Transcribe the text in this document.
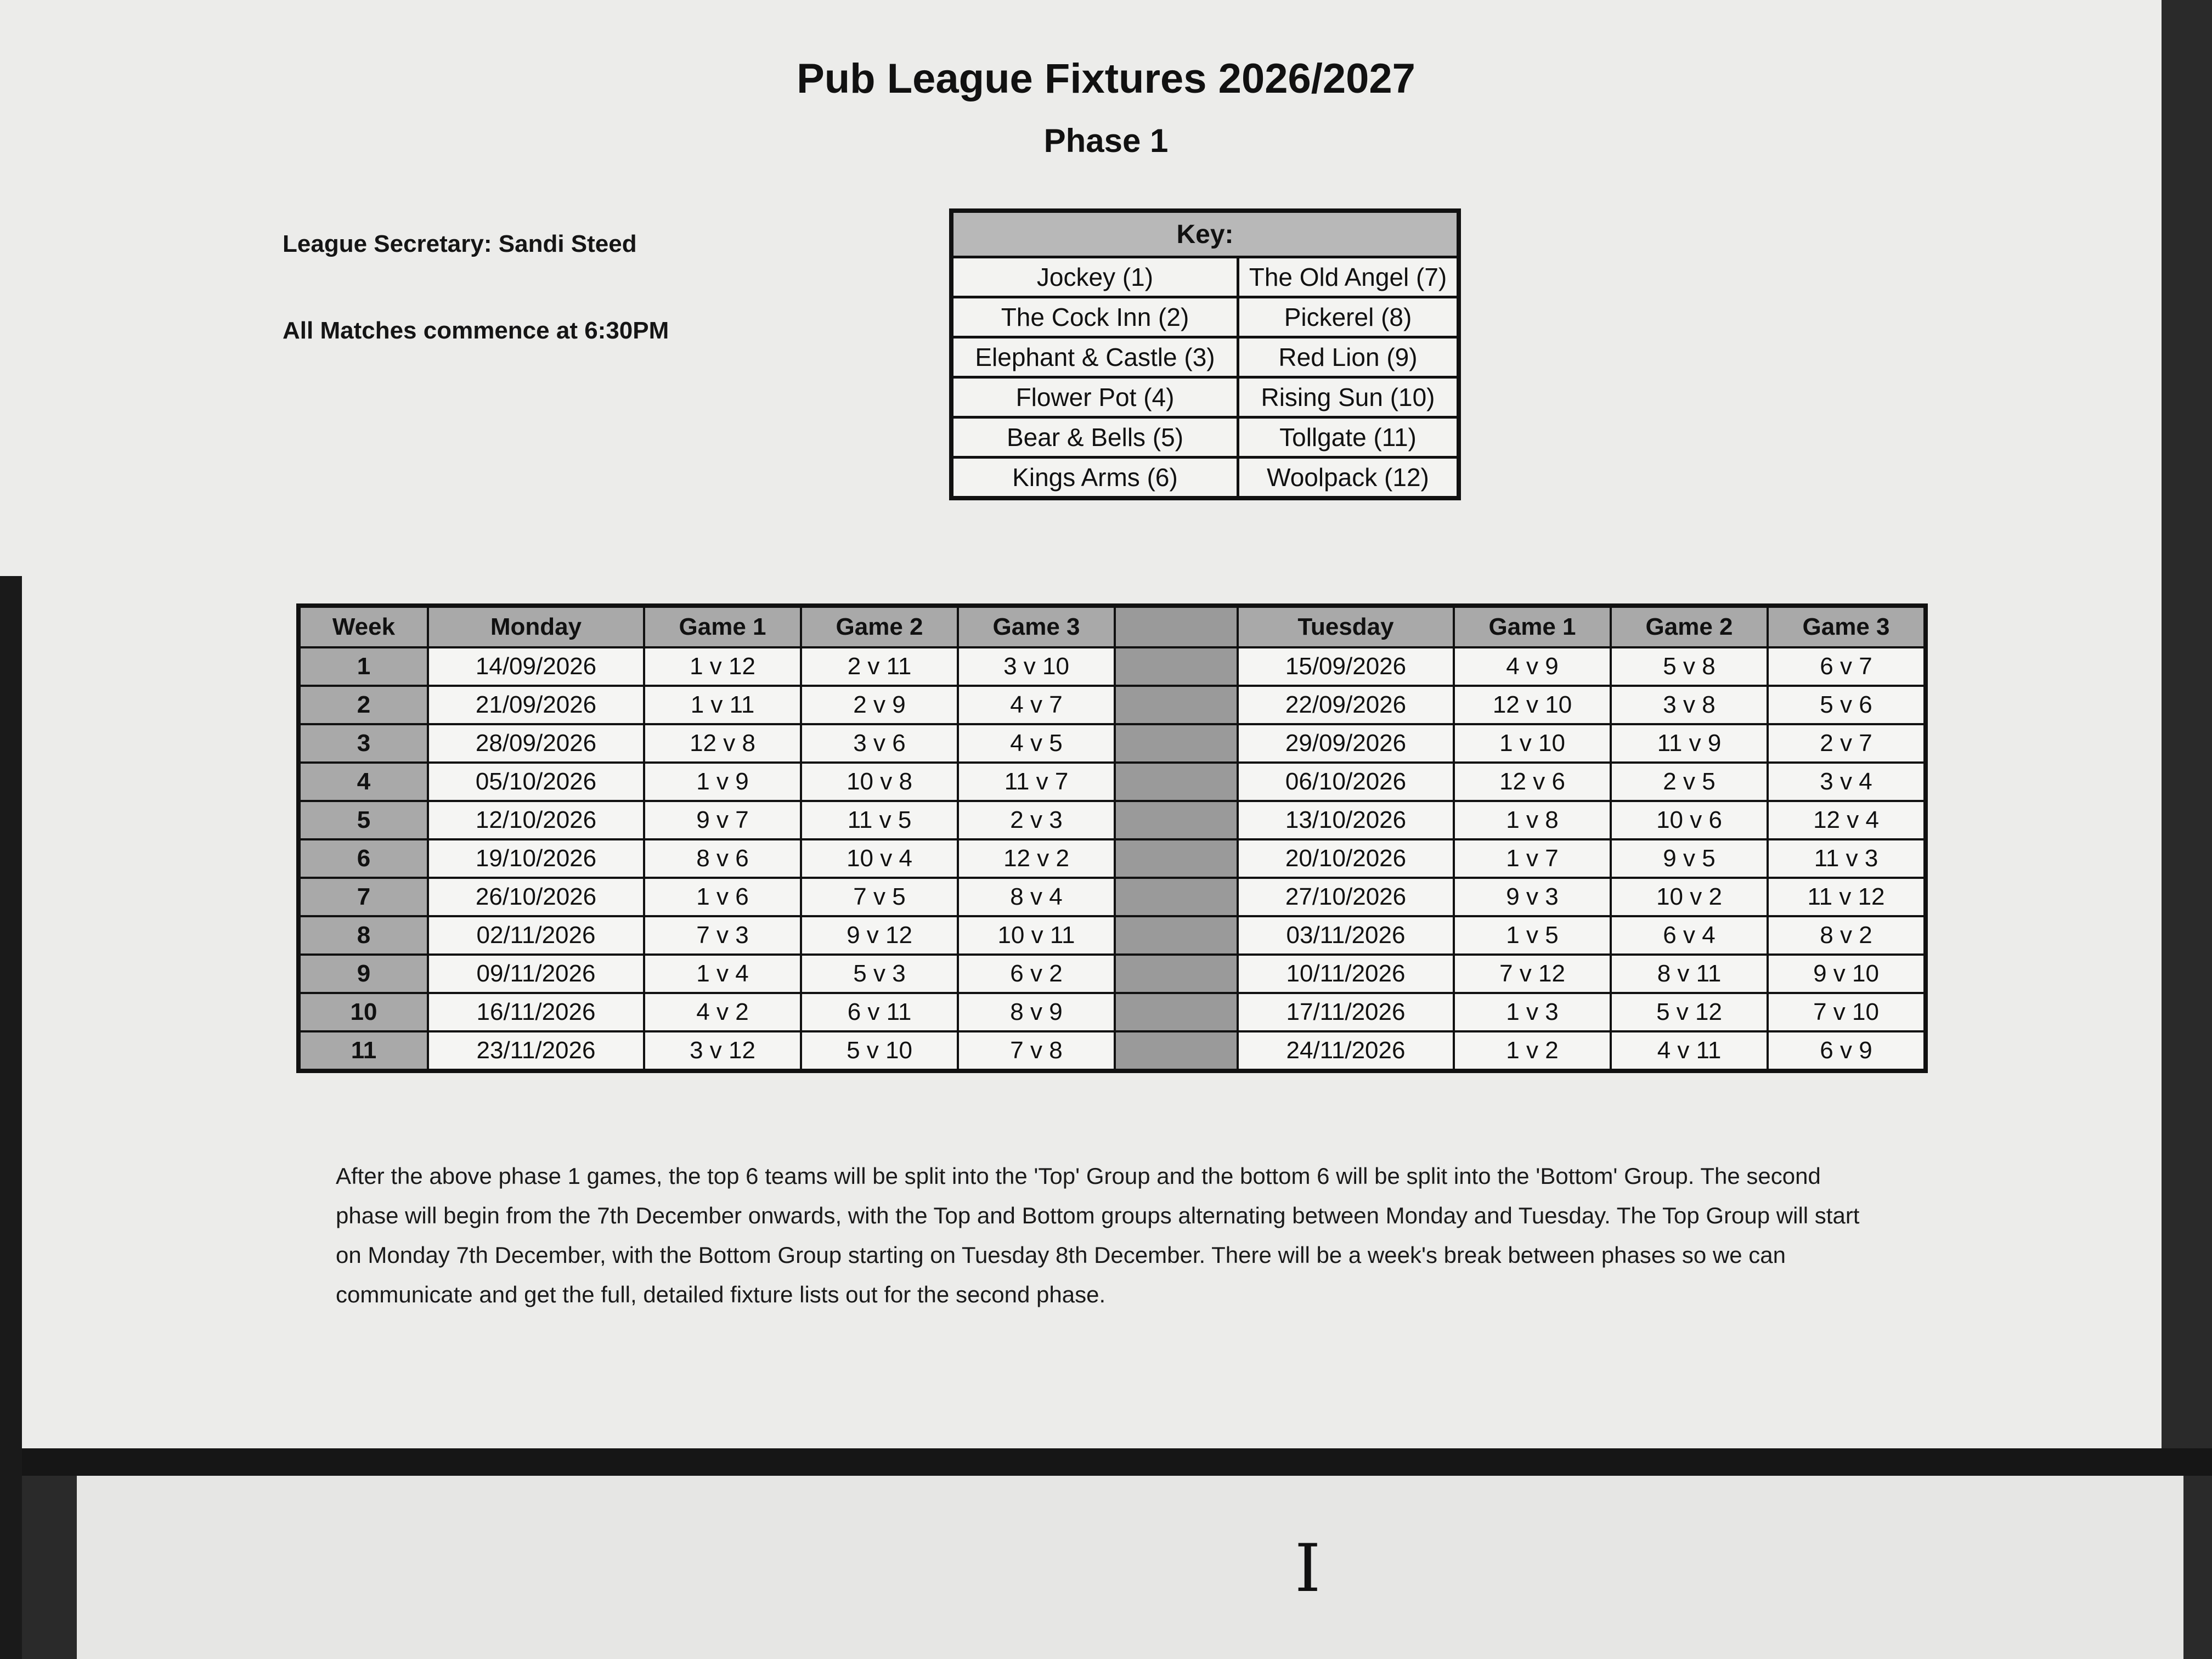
Pub League Fixtures 2026/2027
Phase 1

League Secretary: Sandi Steed

All Matches commence at 6:30PM

Key:	
Jockey (1)	The Old Angel (7)
The Cock Inn (2)	Pickerel (8)
Elephant & Castle (3)	Red Lion (9)
Flower Pot (4)	Rising Sun (10)
Bear & Bells (5)	Tollgate (11)
Kings Arms (6)	Woolpack (12)
Week	Monday	Game 1	Game 2	Game 3		Tuesday	Game 1	Game 2	Game 3
1	14/09/2026	1 v 12	2 v 11	3 v 10		15/09/2026	4 v 9	5 v 8	6 v 7
2	21/09/2026	1 v 11	2 v 9	4 v 7		22/09/2026	12 v 10	3 v 8	5 v 6
3	28/09/2026	12 v 8	3 v 6	4 v 5		29/09/2026	1 v 10	11 v 9	2 v 7
4	05/10/2026	1 v 9	10 v 8	11 v 7		06/10/2026	12 v 6	2 v 5	3 v 4
5	12/10/2026	9 v 7	11 v 5	2 v 3		13/10/2026	1 v 8	10 v 6	12 v 4
6	19/10/2026	8 v 6	10 v 4	12 v 2		20/10/2026	1 v 7	9 v 5	11 v 3
7	26/10/2026	1 v 6	7 v 5	8 v 4		27/10/2026	9 v 3	10 v 2	11 v 12
8	02/11/2026	7 v 3	9 v 12	10 v 11		03/11/2026	1 v 5	6 v 4	8 v 2
9	09/11/2026	1 v 4	5 v 3	6 v 2		10/11/2026	7 v 12	8 v 11	9 v 10
10	16/11/2026	4 v 2	6 v 11	8 v 9		17/11/2026	1 v 3	5 v 12	7 v 10
11	23/11/2026	3 v 12	5 v 10	7 v 8		24/11/2026	1 v 2	4 v 11	6 v 9

After the above phase 1 games, the top 6 teams will be split into the 'Top' Group and the bottom 6 will be split into the 'Bottom' Group. The second phase will begin from the 7th December onwards, with the Top and Bottom groups alternating between Monday and Tuesday. The Top Group will start on Monday 7th December, with the Bottom Group starting on Tuesday 8th December. There will be a week's break between phases so we can communicate and get the full, detailed fixture lists out for the second phase.

I
